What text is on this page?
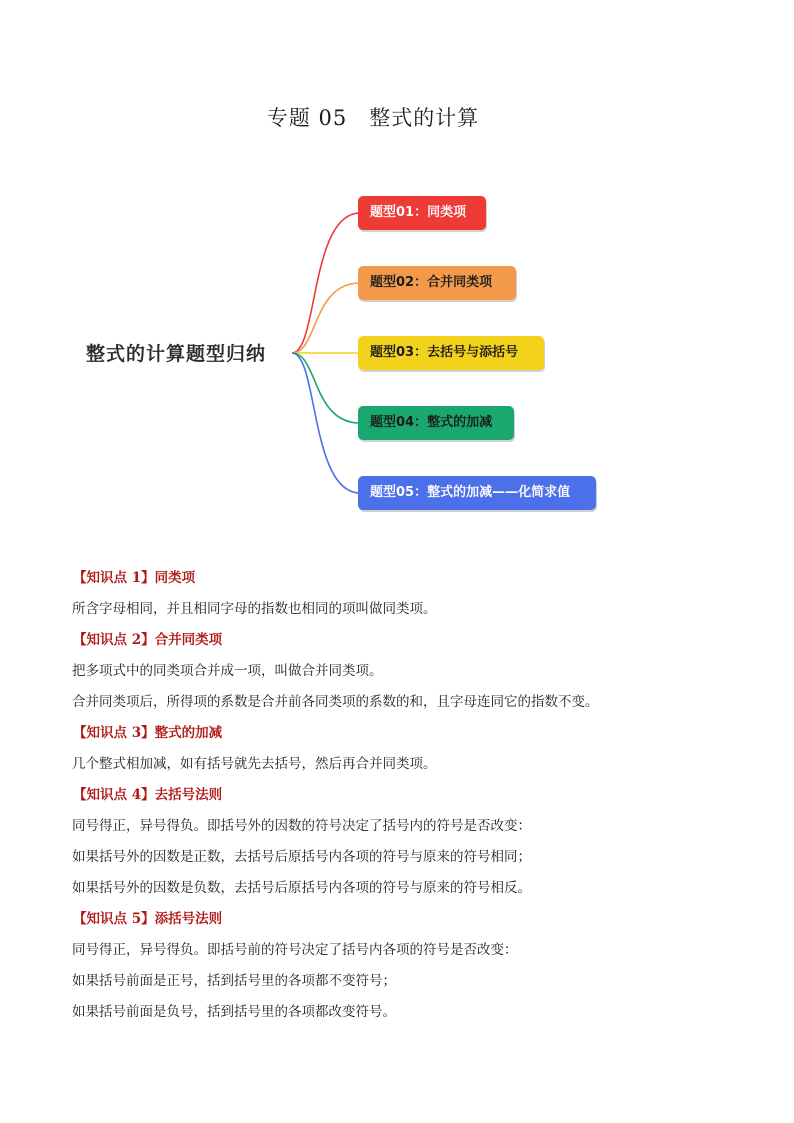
专题 05　整式的计算
整式的计算题型归纳
题型01：同类项
题型02：合并同类项
题型03：去括号与添括号
题型04：整式的加减
题型05：整式的加减——化简求值
【知识点 1】同类项
所含字母相同，并且相同字母的指数也相同的项叫做同类项。
【知识点 2】合并同类项
把多项式中的同类项合并成一项，叫做合并同类项。
合并同类项后，所得项的系数是合并前各同类项的系数的和，且字母连同它的指数不变。
【知识点 3】整式的加减
几个整式相加减，如有括号就先去括号，然后再合并同类项。
【知识点 4】去括号法则
同号得正，异号得负。即括号外的因数的符号决定了括号内的符号是否改变：
如果括号外的因数是正数，去括号后原括号内各项的符号与原来的符号相同；
如果括号外的因数是负数，去括号后原括号内各项的符号与原来的符号相反。
【知识点 5】添括号法则
同号得正，异号得负。即括号前的符号决定了括号内各项的符号是否改变：
如果括号前面是正号，括到括号里的各项都不变符号；
如果括号前面是负号，括到括号里的各项都改变符号。
